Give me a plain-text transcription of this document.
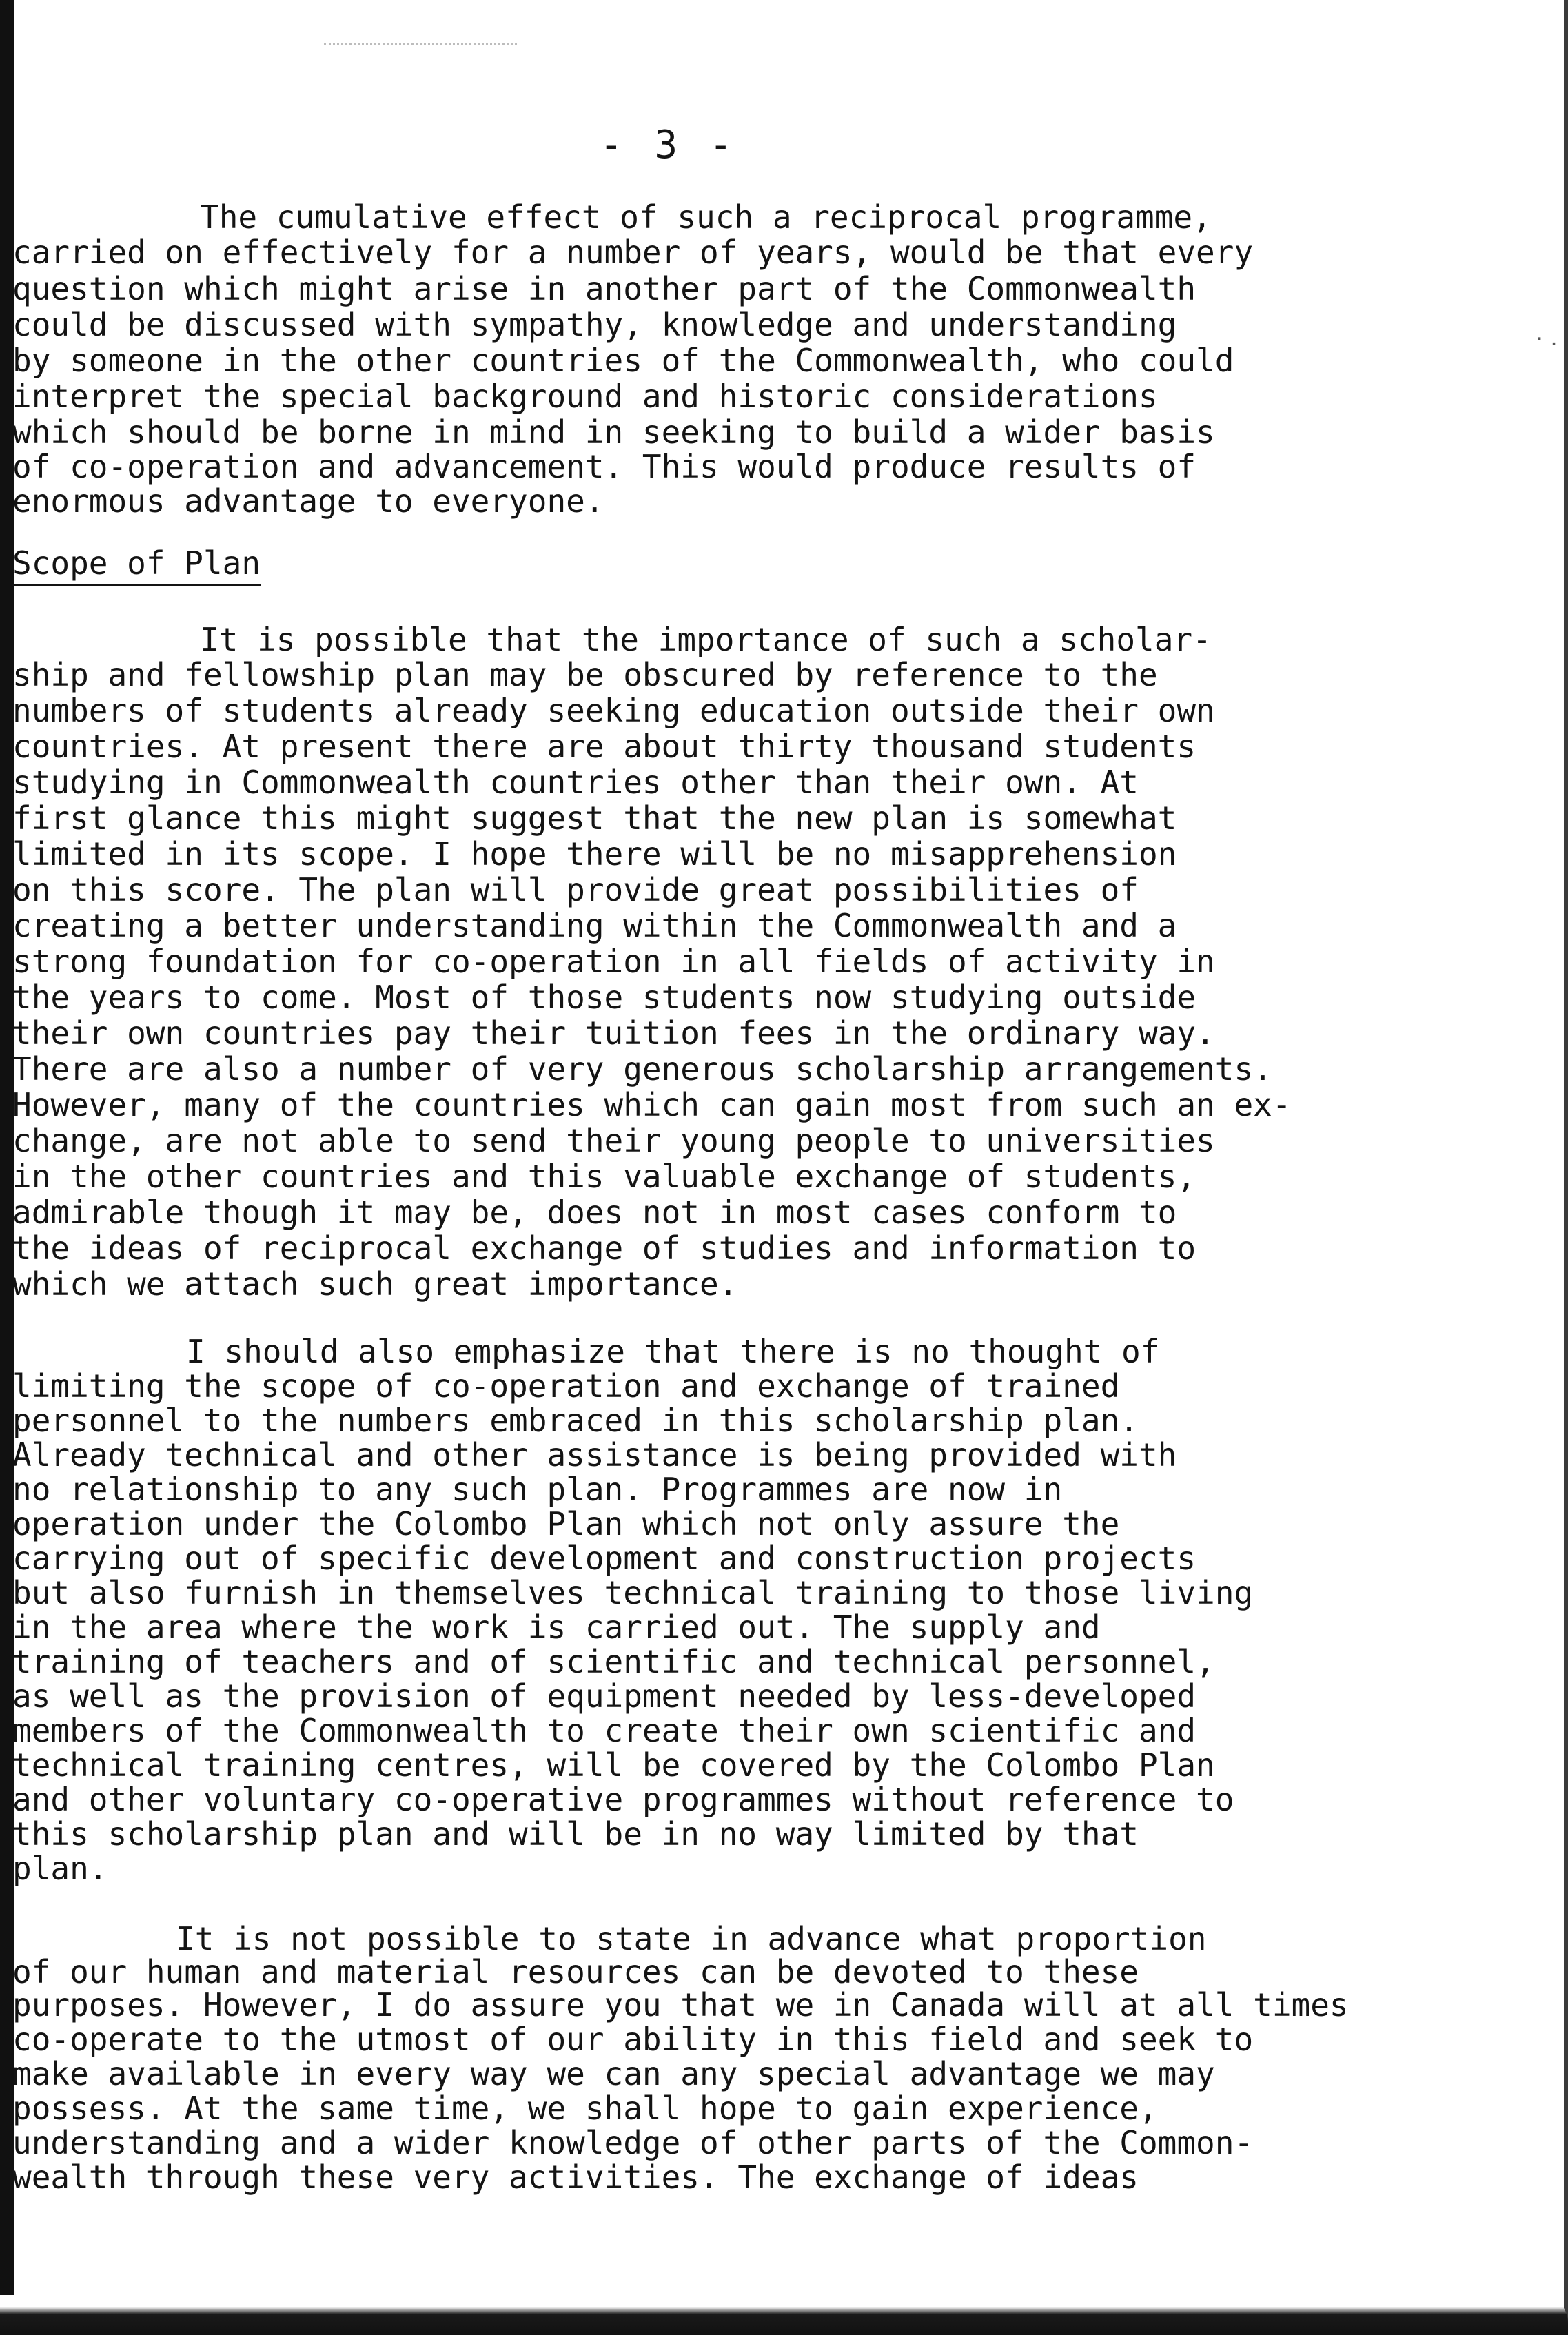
·.
- 3 -
The cumulative effect of such a reciprocal programme,
carried on effectively for a number of years, would be that every
question which might arise in another part of the Commonwealth
could be discussed with sympathy, knowledge and understanding
by someone in the other countries of the Commonwealth, who could
interpret the special background and historic considerations
which should be borne in mind in seeking to build a wider basis
of co-operation and advancement. This would produce results of
enormous advantage to everyone.
Scope of Plan
It is possible that the importance of such a scholar-
ship and fellowship plan may be obscured by reference to the
numbers of students already seeking education outside their own
countries. At present there are about thirty thousand students
studying in Commonwealth countries other than their own. At
first glance this might suggest that the new plan is somewhat
limited in its scope. I hope there will be no misapprehension
on this score. The plan will provide great possibilities of
creating a better understanding within the Commonwealth and a
strong foundation for co-operation in all fields of activity in
the years to come. Most of those students now studying outside
their own countries pay their tuition fees in the ordinary way.
There are also a number of very generous scholarship arrangements.
However, many of the countries which can gain most from such an ex-
change, are not able to send their young people to universities
in the other countries and this valuable exchange of students,
admirable though it may be, does not in most cases conform to
the ideas of reciprocal exchange of studies and information to
which we attach such great importance.
I should also emphasize that there is no thought of
limiting the scope of co-operation and exchange of trained
personnel to the numbers embraced in this scholarship plan.
Already technical and other assistance is being provided with
no relationship to any such plan. Programmes are now in
operation under the Colombo Plan which not only assure the
carrying out of specific development and construction projects
but also furnish in themselves technical training to those living
in the area where the work is carried out. The supply and
training of teachers and of scientific and technical personnel,
as well as the provision of equipment needed by less-developed
members of the Commonwealth to create their own scientific and
technical training centres, will be covered by the Colombo Plan
and other voluntary co-operative programmes without reference to
this scholarship plan and will be in no way limited by that
plan.
It is not possible to state in advance what proportion
of our human and material resources can be devoted to these
purposes. However, I do assure you that we in Canada will at all times
co-operate to the utmost of our ability in this field and seek to
make available in every way we can any special advantage we may
possess. At the same time, we shall hope to gain experience,
understanding and a wider knowledge of other parts of the Common-
wealth through these very activities. The exchange of ideas
